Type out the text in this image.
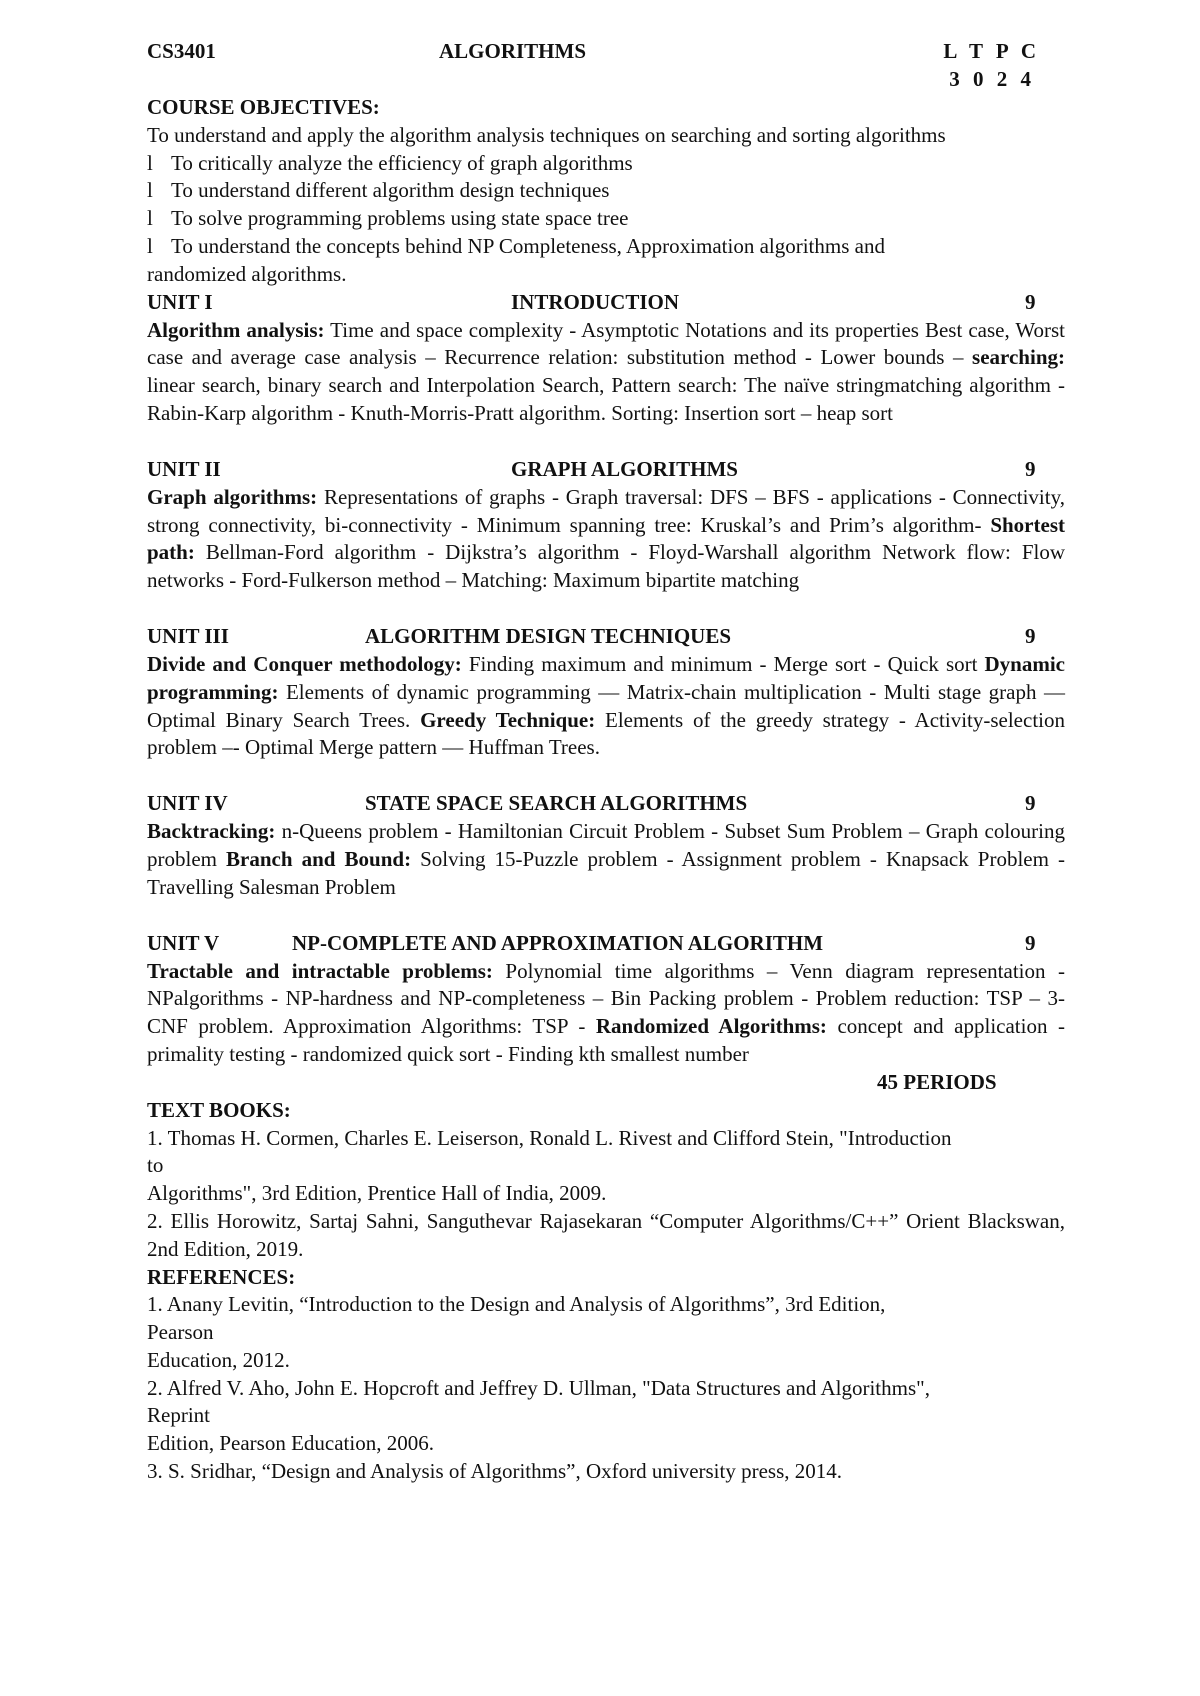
CS3401	ALGORITHMS	L T P C
3 0 2 4
COURSE OBJECTIVES:

To understand and apply the algorithm analysis techniques on searching and sorting algorithms

l To critically analyze the efficiency of graph algorithms
l To understand different algorithm design techniques
l To solve programming problems using state space tree
l To understand the concepts behind NP Completeness, Approximation algorithms and

randomized algorithms.

UNIT I	INTRODUCTION	9

Algorithm analysis: Time and space complexity - Asymptotic Notations and its properties Best case, Worst case and average case analysis – Recurrence relation: substitution method - Lower bounds – searching: linear search, binary search and Interpolation Search, Pattern search: The naïve stringmatching algorithm - Rabin-Karp algorithm - Knuth-Morris-Pratt algorithm. Sorting: Insertion sort – heap sort

UNIT II	GRAPH ALGORITHMS	9

Graph algorithms: Representations of graphs - Graph traversal: DFS – BFS - applications - Connectivity, strong connectivity, bi-connectivity - Minimum spanning tree: Kruskal’s and Prim’s algorithm- Shortest path: Bellman-Ford algorithm - Dijkstra’s algorithm - Floyd-Warshall algorithm Network flow: Flow networks - Ford-Fulkerson method – Matching: Maximum bipartite matching

UNIT III	ALGORITHM DESIGN TECHNIQUES	9

Divide and Conquer methodology: Finding maximum and minimum - Merge sort - Quick sort Dynamic programming: Elements of dynamic programming — Matrix-chain multiplication - Multi stage graph — Optimal Binary Search Trees. Greedy Technique: Elements of the greedy strategy - Activity-selection problem –- Optimal Merge pattern — Huffman Trees.

UNIT IV	STATE SPACE SEARCH ALGORITHMS	9

Backtracking: n-Queens problem - Hamiltonian Circuit Problem - Subset Sum Problem – Graph colouring problem Branch and Bound: Solving 15-Puzzle problem - Assignment problem - Knapsack Problem - Travelling Salesman Problem

UNIT V	NP-COMPLETE AND APPROXIMATION ALGORITHM	9

Tractable and intractable problems: Polynomial time algorithms – Venn diagram representation - NPalgorithms - NP-hardness and NP-completeness – Bin Packing problem - Problem reduction: TSP – 3-CNF problem. Approximation Algorithms: TSP - Randomized Algorithms: concept and application - primality testing - randomized quick sort - Finding kth smallest number

45 PERIODS
TEXT BOOKS:

1. Thomas H. Cormen, Charles E. Leiserson, Ronald L. Rivest and Clifford Stein, "Introduction

to

Algorithms", 3rd Edition, Prentice Hall of India, 2009.

2. Ellis Horowitz, Sartaj Sahni, Sanguthevar Rajasekaran “Computer Algorithms/C++” Orient Blackswan, 2nd Edition, 2019.

REFERENCES:

1. Anany Levitin, “Introduction to the Design and Analysis of Algorithms”, 3rd Edition,

Pearson

Education, 2012.

2. Alfred V. Aho, John E. Hopcroft and Jeffrey D. Ullman, "Data Structures and Algorithms",

Reprint

Edition, Pearson Education, 2006.

3. S. Sridhar, “Design and Analysis of Algorithms”, Oxford university press, 2014.
